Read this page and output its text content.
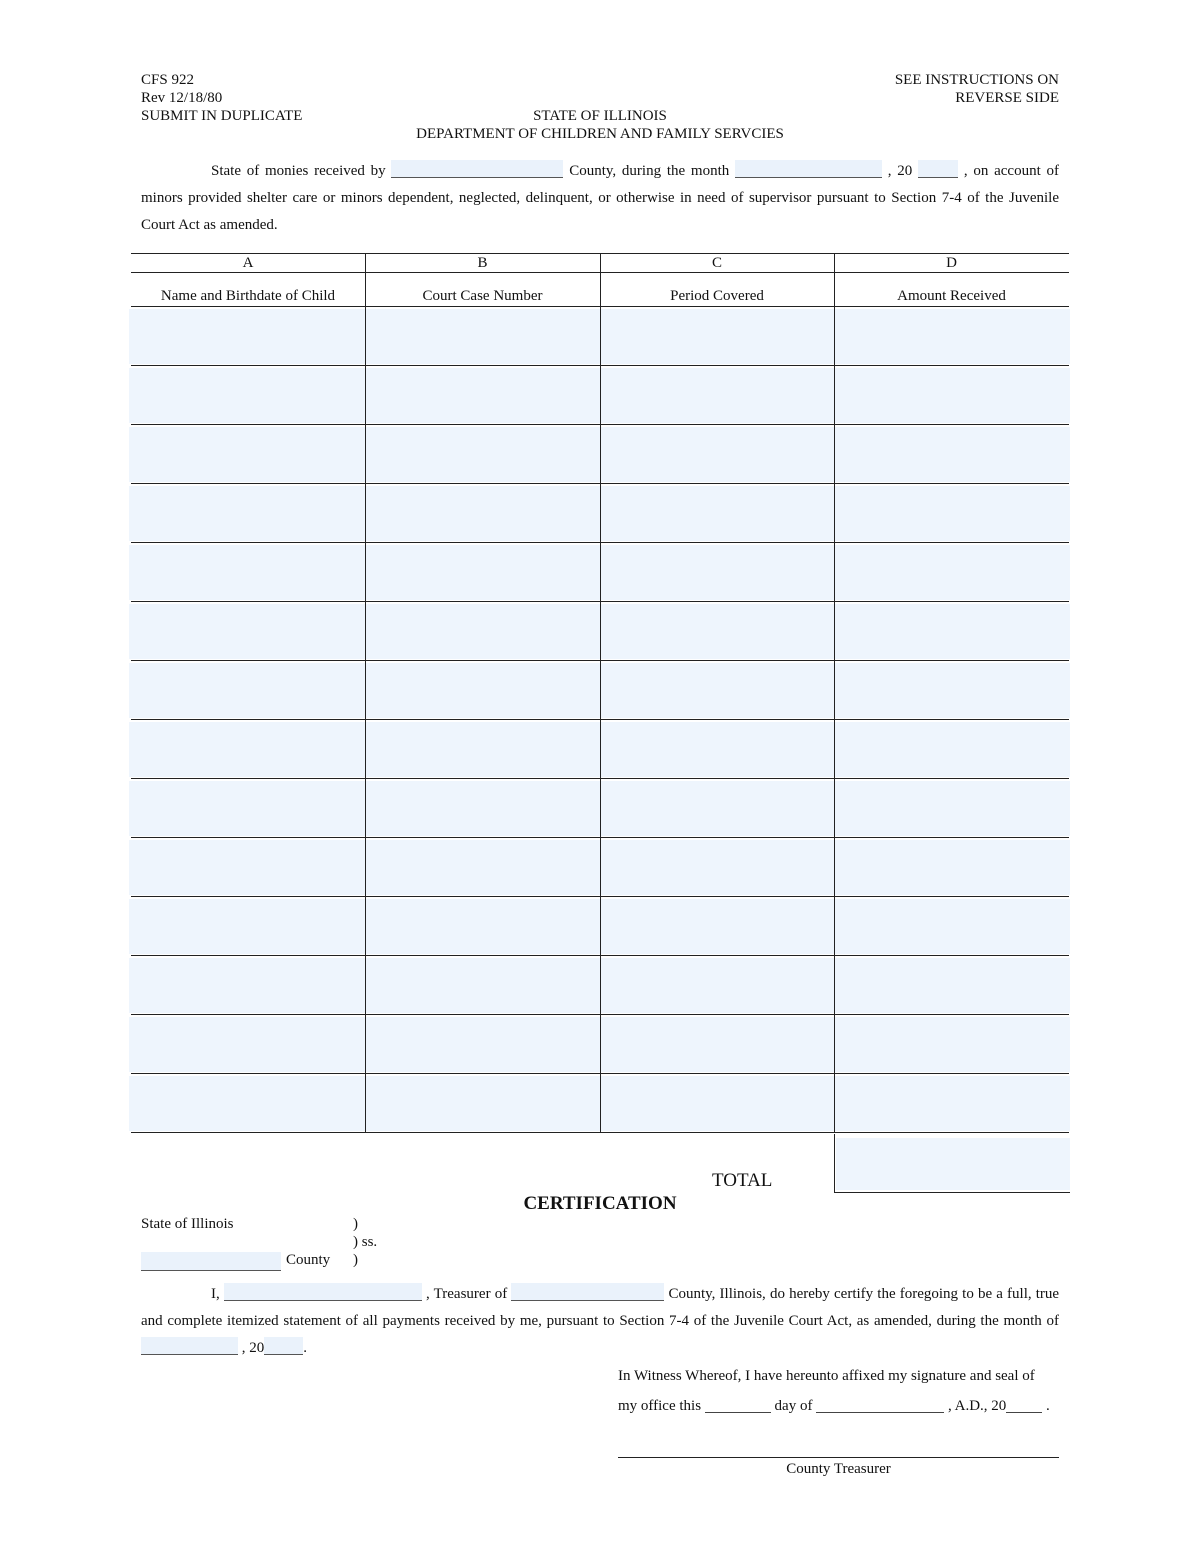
CFS 922
Rev 12/18/80
SUBMIT IN DUPLICATE
SEE INSTRUCTIONS ON
REVERSE SIDE
STATE OF ILLINOIS
DEPARTMENT OF CHILDREN AND FAMILY SERVCIES
State of monies received by	County, during the month	, 20	, on account of minors provided shelter care or minors dependent, neglected, delinquent, or otherwise in need of supervisor pursuant to Section 7-4 of the Juvenile Court Act as amended.
A	B	C	D
Name and Birthdate of Child	Court Case Number	Period Covered	Amount Received
TOTAL
CERTIFICATION
State of Illinois	)
) ss.
)
County
I,	, Treasurer of	County, Illinois, do hereby certify the foregoing to be a full, true and complete itemized statement of all payments received by me, pursuant to Section 7-4 of the Juvenile Court Act, as amended, during the month of  , 20	.
In Witness Whereof, I have hereunto affixed my signature and seal of
my office this	day of	, A.D., 20	.
County Treasurer
